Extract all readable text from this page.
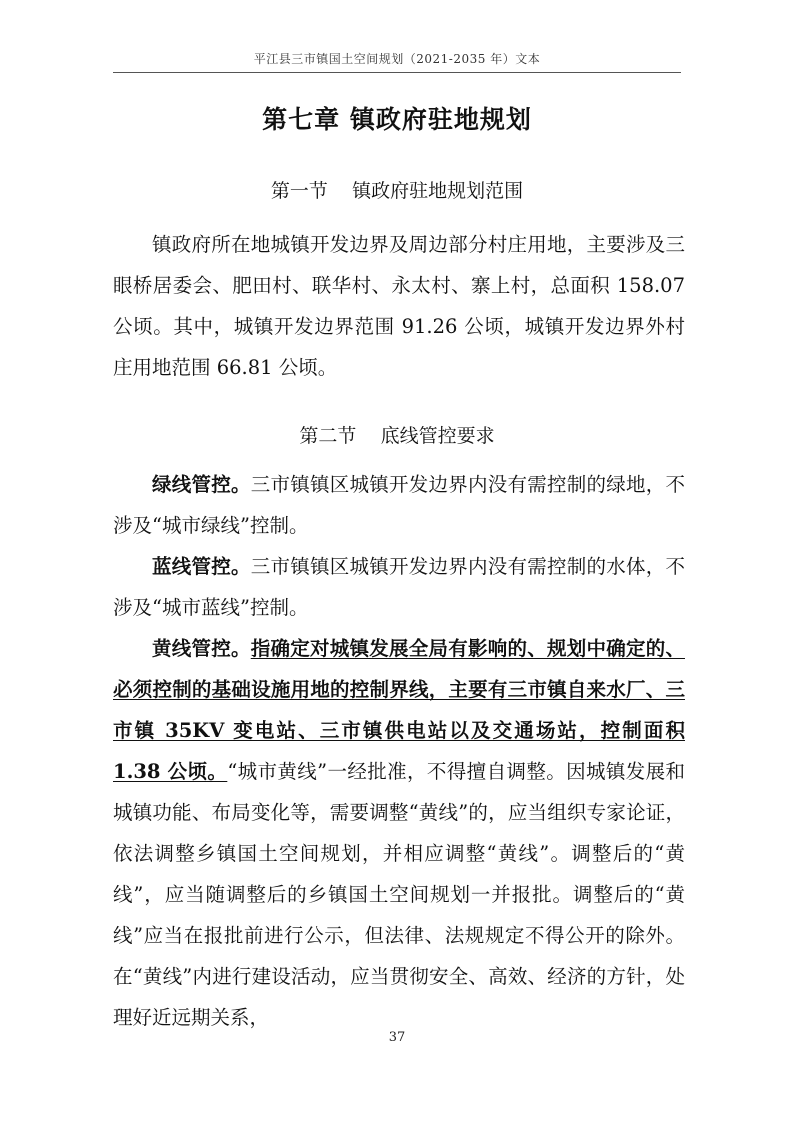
平江县三市镇国土空间规划（2021-2035 年）文本
第七章 镇政府驻地规划
第一节    镇政府驻地规划范围

镇政府所在地城镇开发边界及周边部分村庄用地，主要涉及三眼桥居委会、肥田村、联华村、永太村、寨上村，总面积 158.07 公顷。其中，城镇开发边界范围 91.26 公顷，城镇开发边界外村庄用地范围 66.81 公顷。

第二节    底线管控要求

绿线管控。三市镇镇区城镇开发边界内没有需控制的绿地，不涉及“城市绿线”控制。

蓝线管控。三市镇镇区城镇开发边界内没有需控制的水体，不涉及“城市蓝线”控制。

黄线管控。指确定对城镇发展全局有影响的、规划中确定的、必须控制的基础设施用地的控制界线，主要有三市镇自来水厂、三市镇 35KV 变电站、三市镇供电站以及交通场站，控制面积 1.38 公顷。“城市黄线”一经批准，不得擅自调整。因城镇发展和城镇功能、布局变化等，需要调整“黄线”的，应当组织专家论证，依法调整乡镇国土空间规划，并相应调整“黄线”。调整后的“黄线”，应当随调整后的乡镇国土空间规划一并报批。调整后的“黄线”应当在报批前进行公示，但法律、法规规定不得公开的除外。在“黄线”内进行建设活动，应当贯彻安全、高效、经济的方针，处理好近远期关系，

37
